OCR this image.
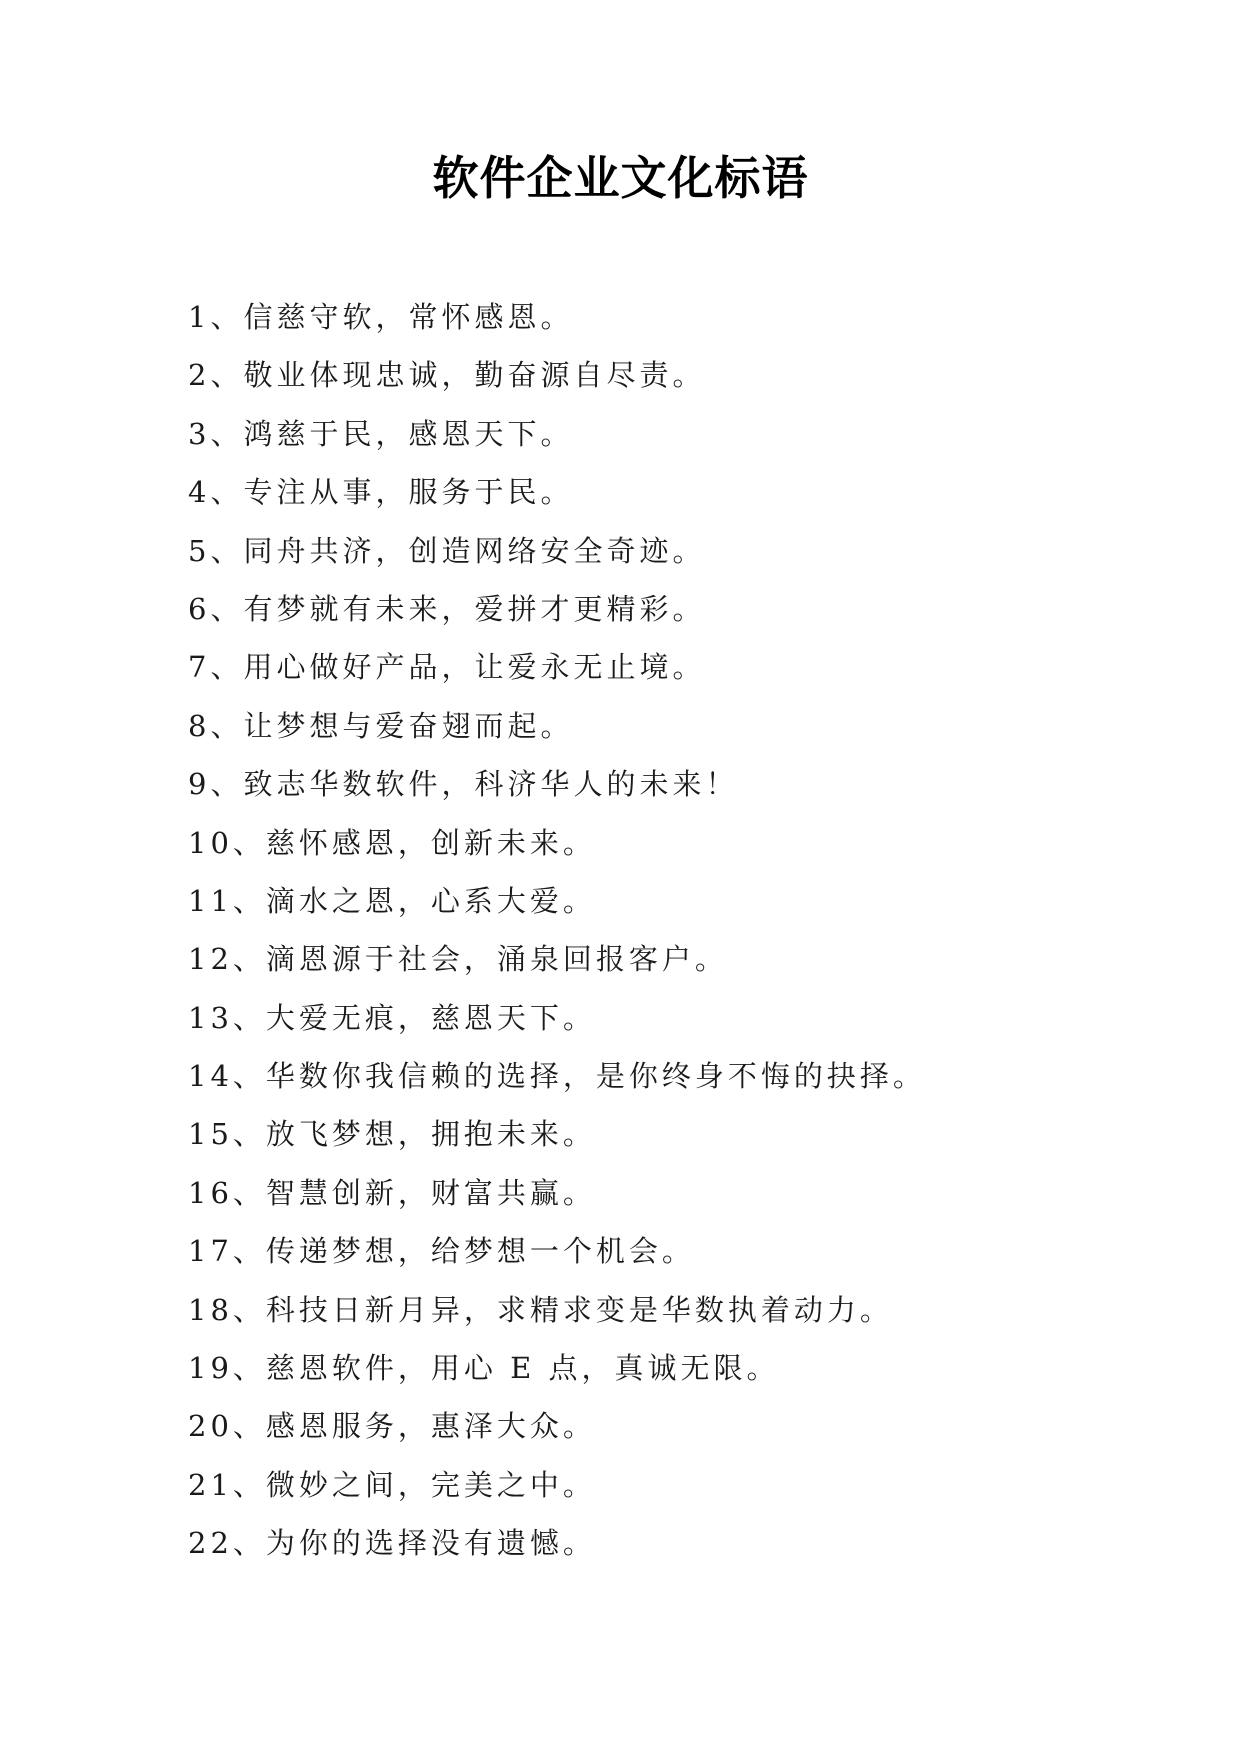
软件企业文化标语
1、信慈守软，常怀感恩。
2、敬业体现忠诚，勤奋源自尽责。
3、鸿慈于民，感恩天下。
4、专注从事，服务于民。
5、同舟共济，创造网络安全奇迹。
6、有梦就有未来，爱拼才更精彩。
7、用心做好产品，让爱永无止境。
8、让梦想与爱奋翅而起。
9、致志华数软件，科济华人的未来！
10、慈怀感恩，创新未来。
11、滴水之恩，心系大爱。
12、滴恩源于社会，涌泉回报客户。
13、大爱无痕，慈恩天下。
14、华数你我信赖的选择，是你终身不悔的抉择。
15、放飞梦想，拥抱未来。
16、智慧创新，财富共赢。
17、传递梦想，给梦想一个机会。
18、科技日新月异，求精求变是华数执着动力。
19、慈恩软件，用心 E 点，真诚无限。
20、感恩服务，惠泽大众。
21、微妙之间，完美之中。
22、为你的选择没有遗憾。
